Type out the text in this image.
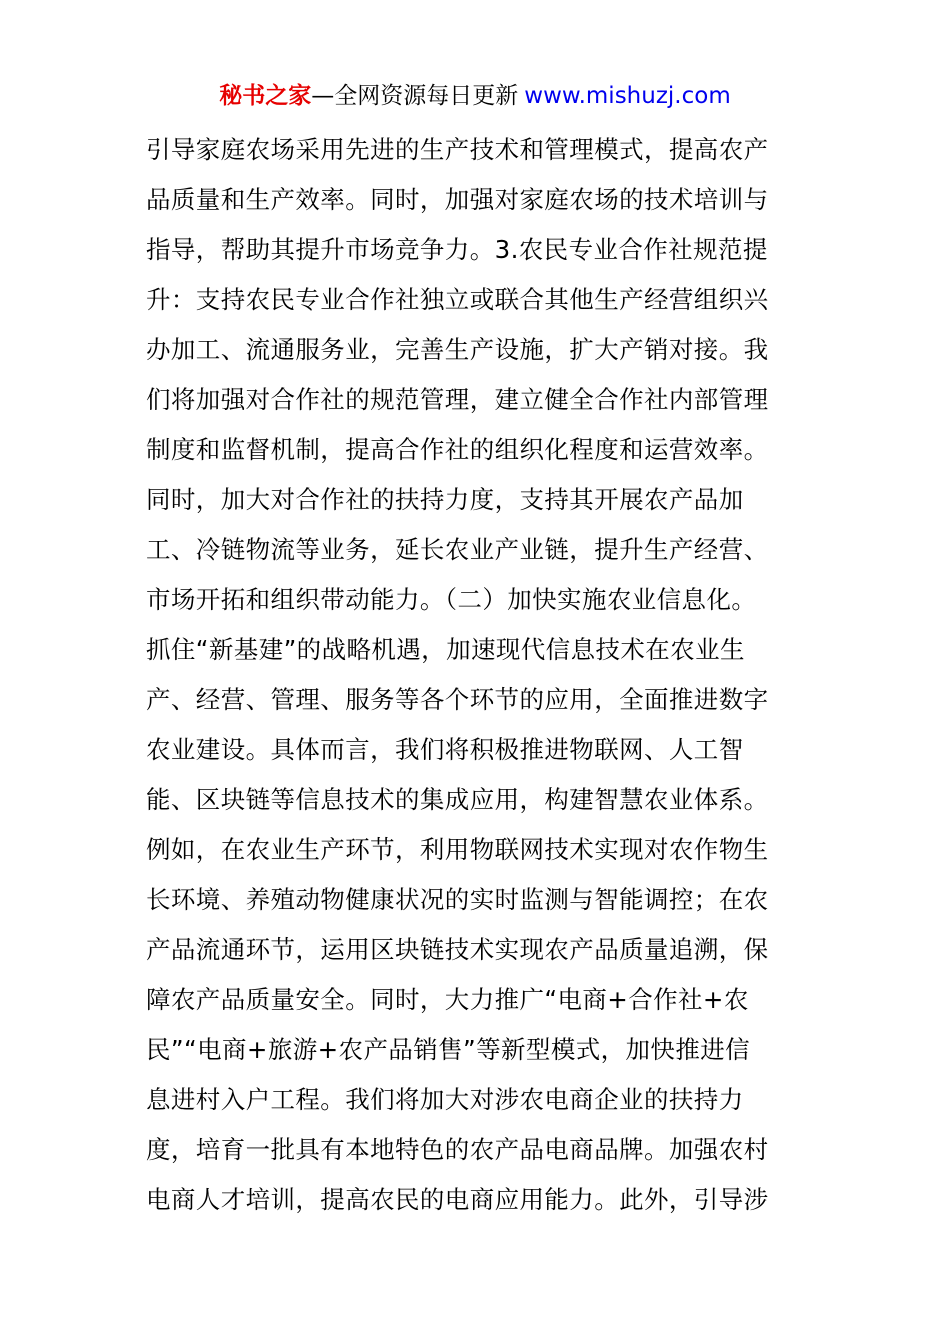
秘书之家—全网资源每日更新 www.mishuzj.com
引导家庭农场采用先进的生产技术和管理模式，提高农产
品质量和生产效率。同时，加强对家庭农场的技术培训与
指导，帮助其提升市场竞争力。3.农民专业合作社规范提
升：支持农民专业合作社独立或联合其他生产经营组织兴
办加工、流通服务业，完善生产设施，扩大产销对接。我
们将加强对合作社的规范管理，建立健全合作社内部管理
制度和监督机制，提高合作社的组织化程度和运营效率。
同时，加大对合作社的扶持力度，支持其开展农产品加
工、冷链物流等业务，延长农业产业链，提升生产经营、
市场开拓和组织带动能力。（二）加快实施农业信息化。
抓住“新基建”的战略机遇，加速现代信息技术在农业生
产、经营、管理、服务等各个环节的应用，全面推进数字
农业建设。具体而言，我们将积极推进物联网、人工智
能、区块链等信息技术的集成应用，构建智慧农业体系。
例如，在农业生产环节，利用物联网技术实现对农作物生
长环境、养殖动物健康状况的实时监测与智能调控；在农
产品流通环节，运用区块链技术实现农产品质量追溯，保
障农产品质量安全。同时，大力推广“电商+合作社+农
民”“电商+旅游+农产品销售”等新型模式，加快推进信
息进村入户工程。我们将加大对涉农电商企业的扶持力
度，培育一批具有本地特色的农产品电商品牌。加强农村
电商人才培训，提高农民的电商应用能力。此外，引导涉
